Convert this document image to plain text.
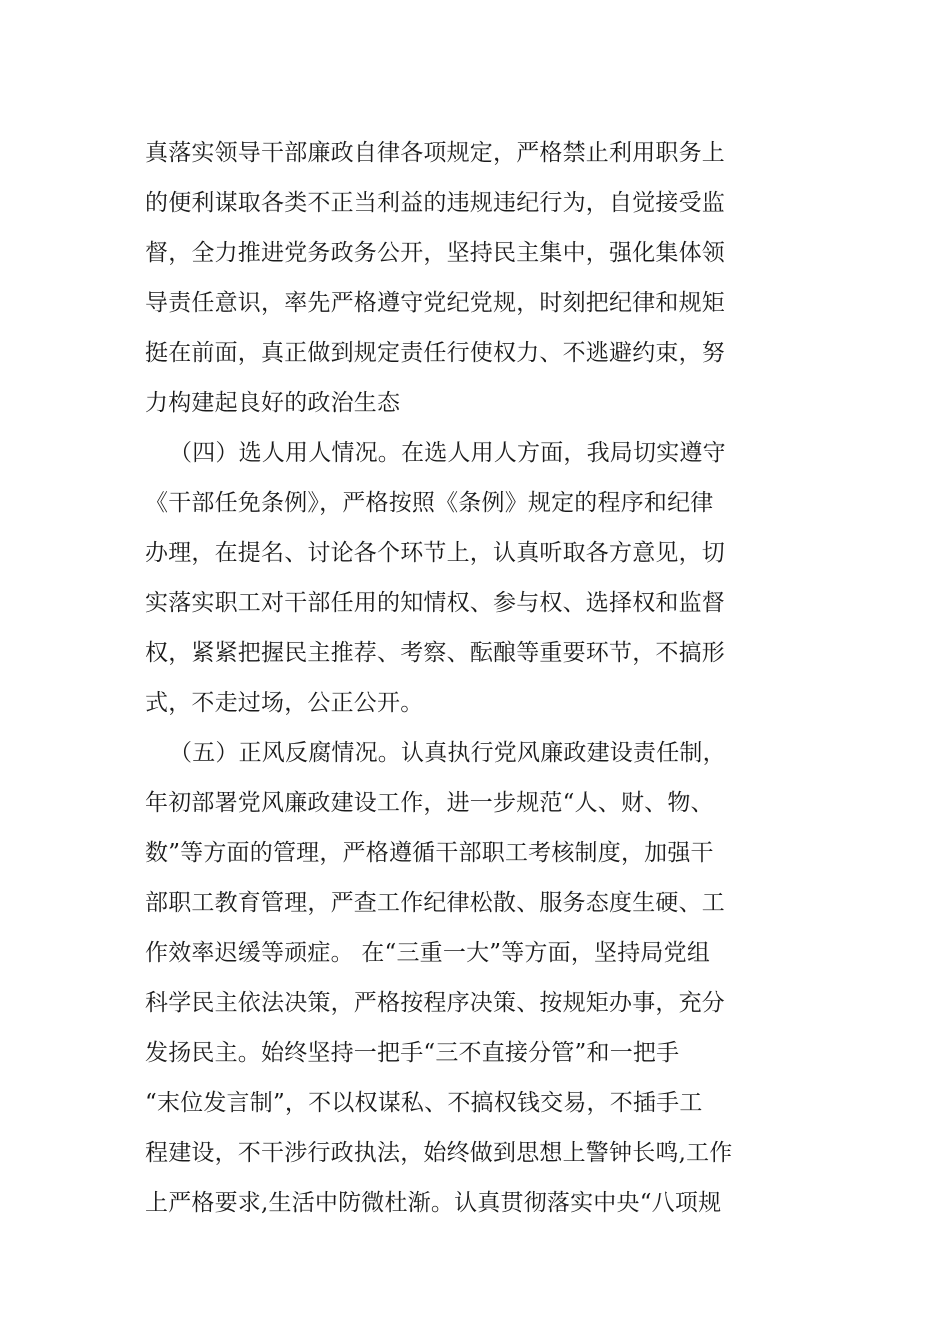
真落实领导干部廉政自律各项规定，严格禁止利用职务上
的便利谋取各类不正当利益的违规违纪行为，自觉接受监
督，全力推进党务政务公开，坚持民主集中，强化集体领
导责任意识，率先严格遵守党纪党规，时刻把纪律和规矩
挺在前面，真正做到规定责任行使权力、不逃避约束，努
力构建起良好的政治生态
（四）选人用人情况。在选人用人方面，我局切实遵守
《干部任免条例》，严格按照《条例》规定的程序和纪律
办理，在提名、讨论各个环节上，认真听取各方意见，切
实落实职工对干部任用的知情权、参与权、选择权和监督
权，紧紧把握民主推荐、考察、酝酿等重要环节，不搞形
式，不走过场，公正公开。
（五）正风反腐情况。认真执行党风廉政建设责任制，
年初部署党风廉政建设工作，进一步规范“人、财、物、
数”等方面的管理，严格遵循干部职工考核制度，加强干
部职工教育管理，严查工作纪律松散、服务态度生硬、工
作效率迟缓等顽症。 在“三重一大”等方面，坚持局党组
科学民主依法决策，严格按程序决策、按规矩办事，充分
发扬民主。始终坚持一把手“三不直接分管”和一把手
“末位发言制”，不以权谋私、不搞权钱交易，不插手工
程建设，不干涉行政执法，始终做到思想上警钟长鸣,工作
上严格要求,生活中防微杜渐。认真贯彻落实中央“八项规
